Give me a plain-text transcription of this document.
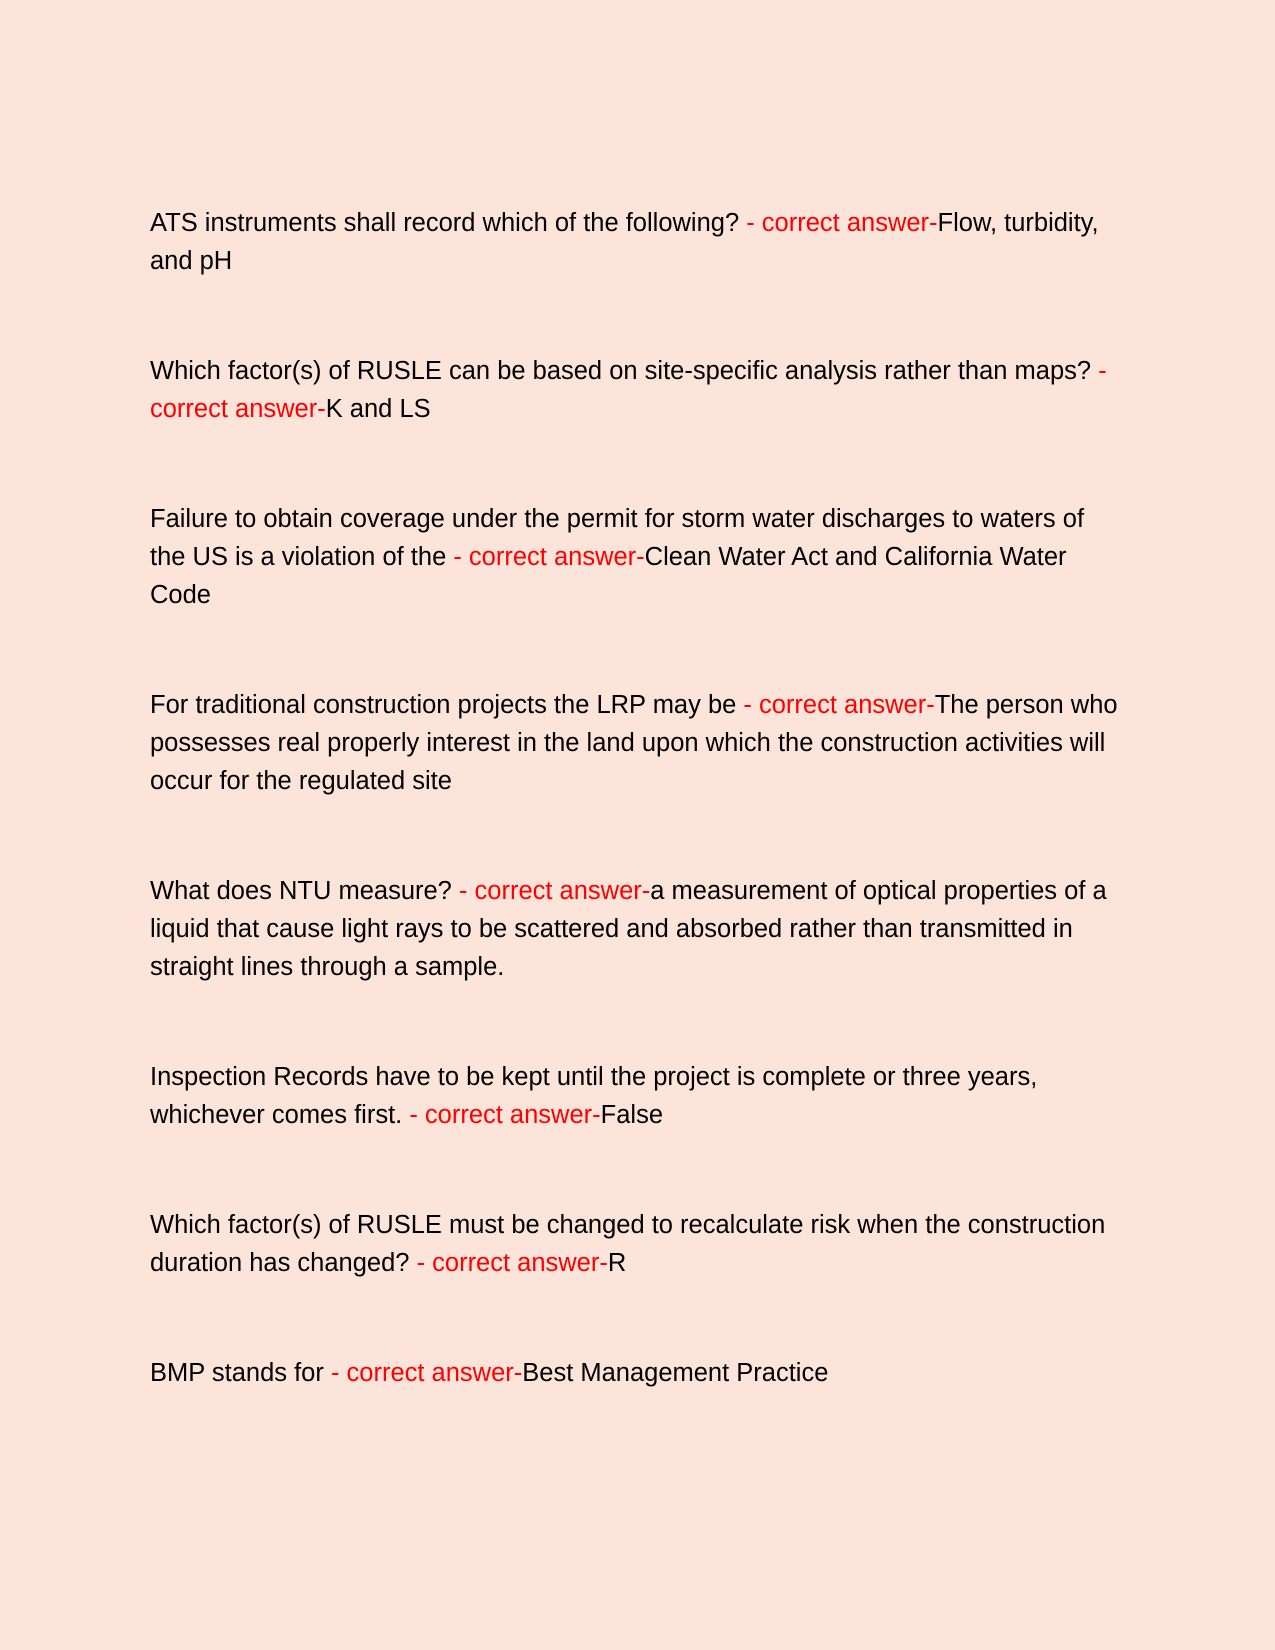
ATS instruments shall record which of the following? - correct answer-Flow, turbidity, and pH

Which factor(s) of RUSLE can be based on site-specific analysis rather than maps? - correct answer-K and LS

Failure to obtain coverage under the permit for storm water discharges to waters of the US is a violation of the - correct answer-Clean Water Act and California Water Code

For traditional construction projects the LRP may be - correct answer-The person who possesses real properly interest in the land upon which the construction activities will occur for the regulated site

What does NTU measure? - correct answer-a measurement of optical properties of a liquid that cause light rays to be scattered and absorbed rather than transmitted in straight lines through a sample.

Inspection Records have to be kept until the project is complete or three years, whichever comes first. - correct answer-False

Which factor(s) of RUSLE must be changed to recalculate risk when the construction duration has changed? - correct answer-R

BMP stands for - correct answer-Best Management Practice
